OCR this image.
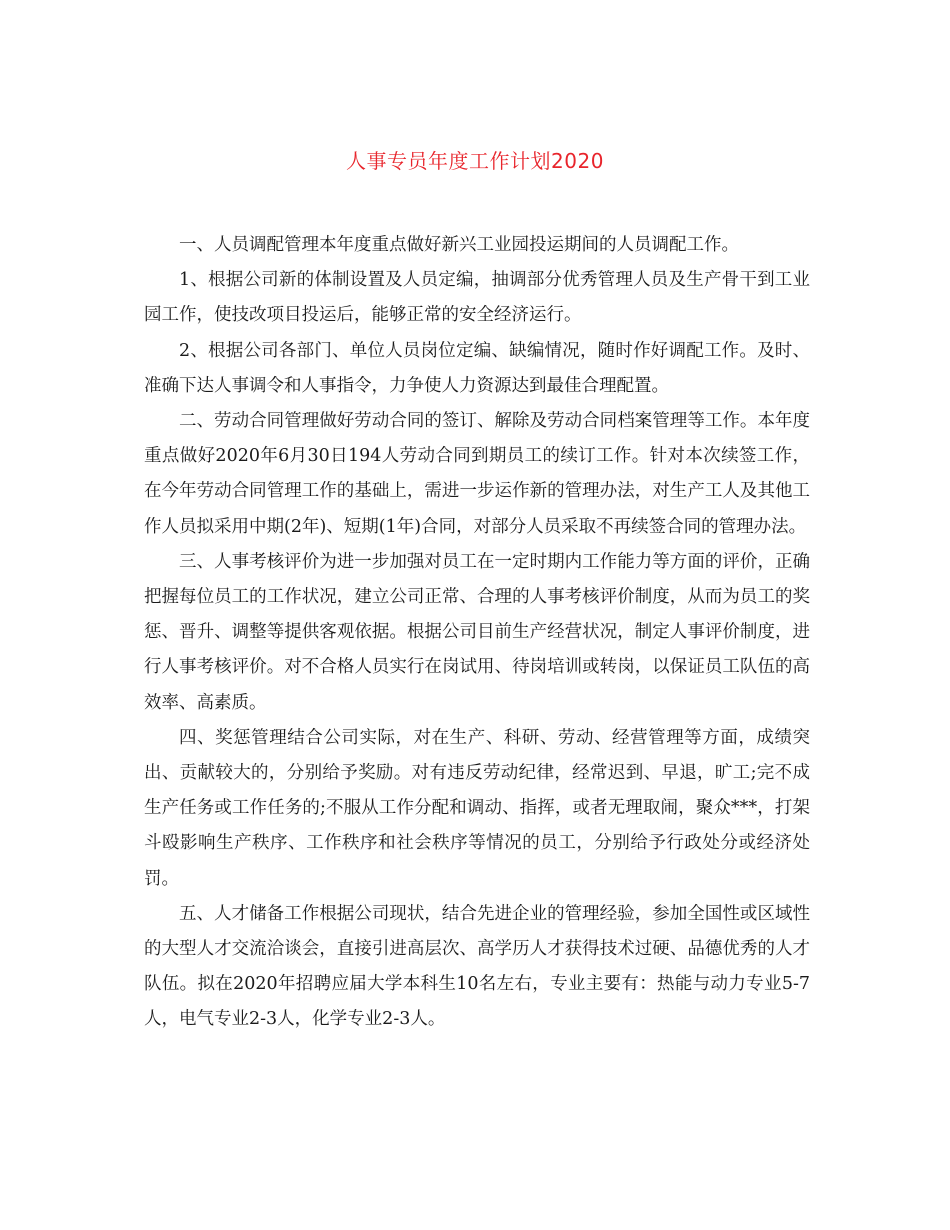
人事专员年度工作计划2020

一、人员调配管理本年度重点做好新兴工业园投运期间的人员调配工作。

1、根据公司新的体制设置及人员定编，抽调部分优秀管理人员及生产骨干到工业园工作，使技改项目投运后，能够正常的安全经济运行。

2、根据公司各部门、单位人员岗位定编、缺编情况，随时作好调配工作。及时、准确下达人事调令和人事指令，力争使人力资源达到最佳合理配置。

二、劳动合同管理做好劳动合同的签订、解除及劳动合同档案管理等工作。本年度重点做好2020年6月30日194人劳动合同到期员工的续订工作。针对本次续签工作，在今年劳动合同管理工作的基础上，需进一步运作新的管理办法，对生产工人及其他工作人员拟采用中期(2年)、短期(1年)合同，对部分人员采取不再续签合同的管理办法。

三、人事考核评价为进一步加强对员工在一定时期内工作能力等方面的评价，正确把握每位员工的工作状况，建立公司正常、合理的人事考核评价制度，从而为员工的奖惩、晋升、调整等提供客观依据。根据公司目前生产经营状况，制定人事评价制度，进行人事考核评价。对不合格人员实行在岗试用、待岗培训或转岗，以保证员工队伍的高效率、高素质。

四、奖惩管理结合公司实际，对在生产、科研、劳动、经营管理等方面，成绩突出、贡献较大的，分别给予奖励。对有违反劳动纪律，经常迟到、早退，旷工;完不成生产任务或工作任务的;不服从工作分配和调动、指挥，或者无理取闹，聚众***，打架斗殴影响生产秩序、工作秩序和社会秩序等情况的员工，分别给予行政处分或经济处罚。

五、人才储备工作根据公司现状，结合先进企业的管理经验，参加全国性或区域性的大型人才交流洽谈会，直接引进高层次、高学历人才获得技术过硬、品德优秀的人才队伍。拟在2020年招聘应届大学本科生10名左右，专业主要有：热能与动力专业5-7人，电气专业2-3人，化学专业2-3人。
